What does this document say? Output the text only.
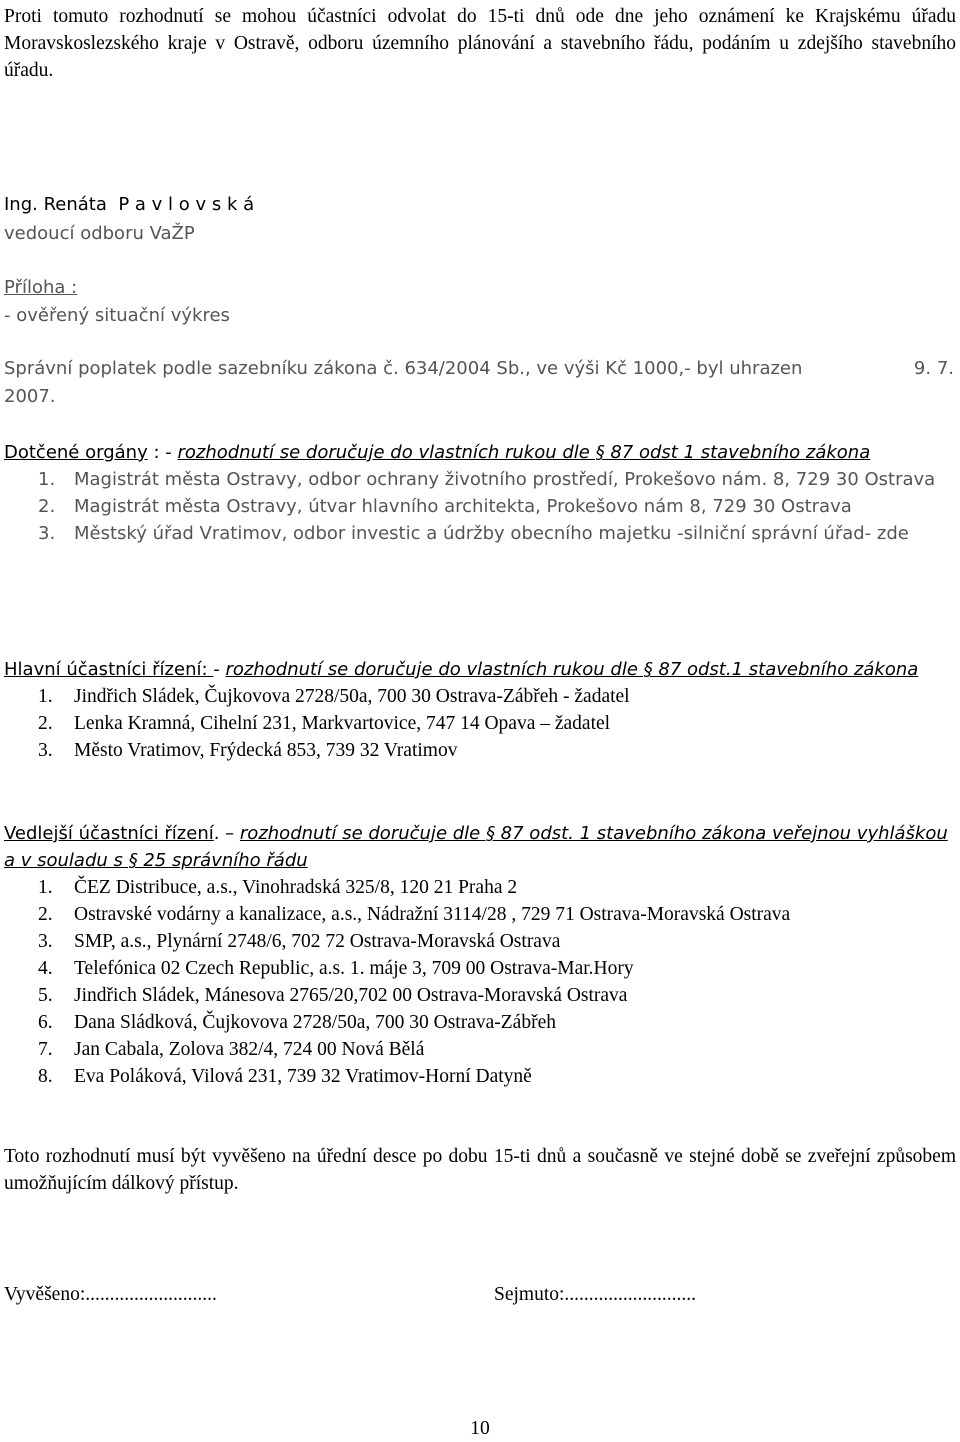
Proti tomuto rozhodnutí se mohou účastníci odvolat do 15-ti dnů ode dne jeho oznámení ke Krajskému úřadu Moravskoslezského kraje v Ostravě, odboru územního plánování a stavebního řádu, podáním u zdejšího stavebního úřadu.

Ing. Renáta P a v l o v s k á
vedoucí odboru VaŽP
Příloha :
- ověřený situační výkres
Správní poplatek podle sazebníku zákona č. 634/2004 Sb., ve výši Kč 1000,- byl uhrazen	9. 7.
2007.
Dotčené orgány : - rozhodnutí se doručuje do vlastních rukou dle § 87 odst 1 stavebního zákona
1. Magistrát města Ostravy, odbor ochrany životního prostředí, Prokešovo nám. 8, 729 30 Ostrava
2. Magistrát města Ostravy, útvar hlavního architekta, Prokešovo nám 8, 729 30 Ostrava
3. Městský úřad Vratimov, odbor investic a údržby obecního majetku -silniční správní úřad- zde
Hlavní účastníci řízení: - rozhodnutí se doručuje do vlastních rukou dle § 87 odst.1 stavebního zákona
1. Jindřich Sládek, Čujkovova 2728/50a, 700 30 Ostrava-Zábřeh - žadatel
2. Lenka Kramná, Cihelní 231, Markvartovice, 747 14 Opava – žadatel
3. Město Vratimov, Frýdecká 853, 739 32 Vratimov
Vedlejší účastníci řízení. – rozhodnutí se doručuje dle § 87 odst. 1 stavebního zákona veřejnou vyhláškou a v souladu s § 25 správního řádu
1. ČEZ Distribuce, a.s., Vinohradská 325/8, 120 21 Praha 2
2. Ostravské vodárny a kanalizace, a.s., Nádražní 3114/28 , 729 71 Ostrava-Moravská Ostrava
3. SMP, a.s., Plynární 2748/6, 702 72 Ostrava-Moravská Ostrava
4. Telefónica 02 Czech Republic, a.s. 1. máje 3, 709 00 Ostrava-Mar.Hory
5. Jindřich Sládek, Mánesova 2765/20,702 00 Ostrava-Moravská Ostrava
6. Dana Sládková, Čujkovova 2728/50a, 700 30 Ostrava-Zábřeh
7. Jan Cabala, Zolova 382/4, 724 00 Nová Bělá
8. Eva Poláková, Vilová 231, 739 32 Vratimov-Horní Datyně

Toto rozhodnutí musí být vyvěšeno na úřední desce po dobu 15-ti dnů a současně ve stejné době se zveřejní způsobem umožňujícím dálkový přístup.

Vyvěšeno:...........................	Sejmuto:...........................
10
